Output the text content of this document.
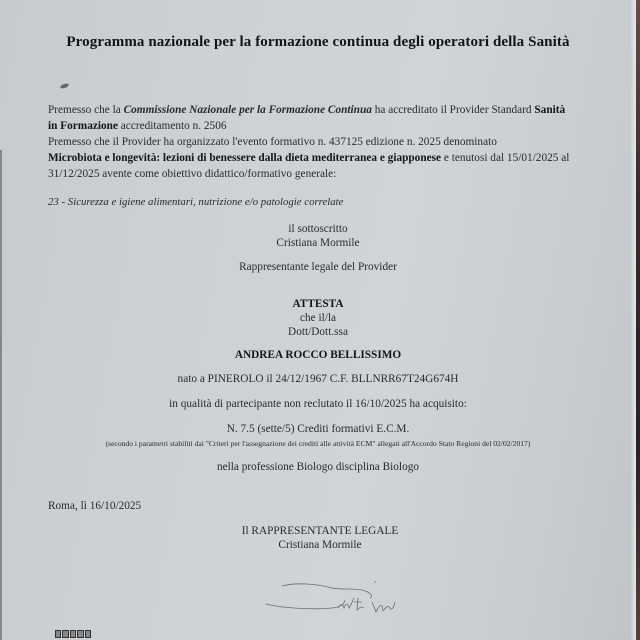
Programma nazionale per la formazione continua degli operatori della Sanità
Premesso che la Commissione Nazionale per la Formazione Continua ha accreditato il Provider Standard Sanità
in Formazione accreditamento n. 2506
Premesso che il Provider ha organizzato l'evento formativo n. 437125 edizione n. 2025 denominato
Microbiota e longevità: lezioni di benessere dalla dieta mediterranea e giapponese e tenutosi dal 15/01/2025 al
31/12/2025 avente come obiettivo didattico/formativo generale:
23 - Sicurezza e igiene alimentari, nutrizione e/o patologie correlate
il sottoscritto
Cristiana Mormile
Rappresentante legale del Provider
ATTESTA
che il/la
Dott/Dott.ssa
ANDREA ROCCO BELLISSIMO
nato a PINEROLO il 24/12/1967 C.F. BLLNRR67T24G674H
in qualità di partecipante non reclutato il 16/10/2025 ha acquisito:
N. 7.5 (sette/5) Crediti formativi E.C.M.
(secondo i parametri stabiliti dai "Criteri per l'assegnazione dei crediti alle attività ECM" allegati all'Accordo Stato Regioni del 02/02/2017)
nella professione Biologo disciplina Biologo
Roma, lì 16/10/2025
Il RAPPRESENTANTE LEGALE
Cristiana Mormile
